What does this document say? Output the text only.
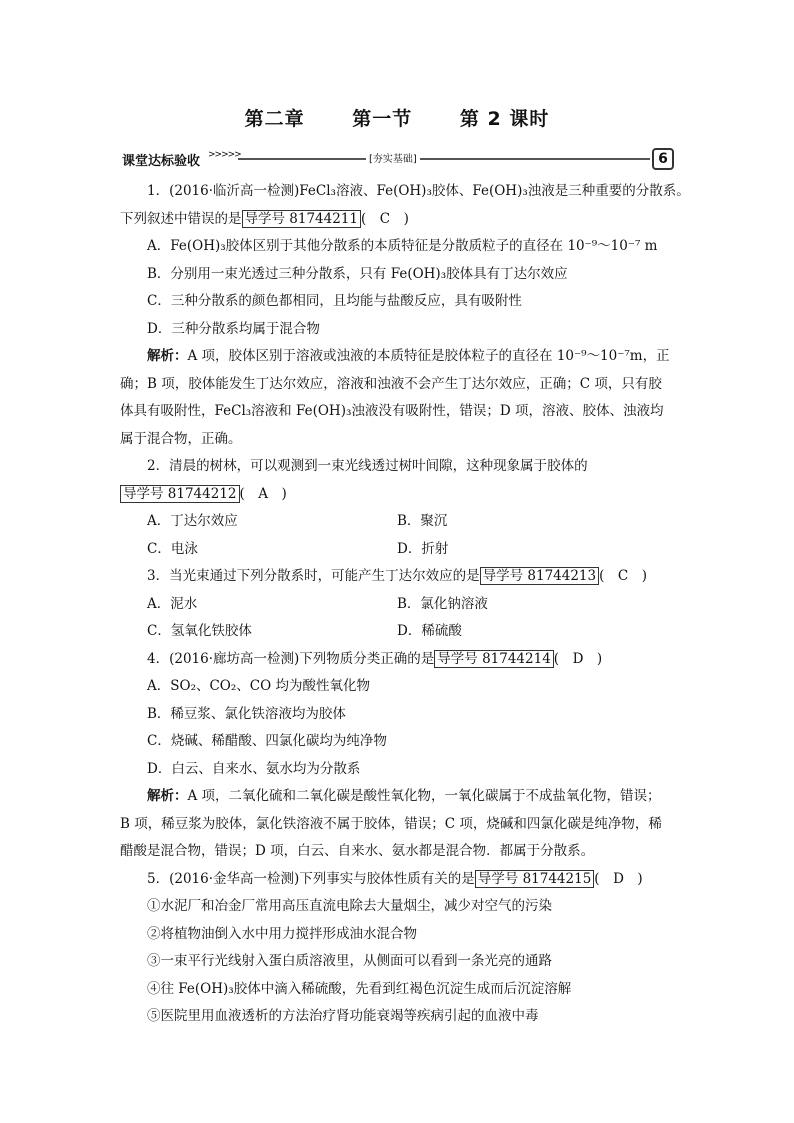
第二章	第一节	第 2 课时
课堂达标验收 >>>>>	[夯实基础]	6
1．(2016·临沂高一检测)FeCl₃溶液、Fe(OH)₃胶体、Fe(OH)₃浊液是三种重要的分散系。
下列叙述中错误的是 导学号 81744211 (　C　)
A．Fe(OH)₃胶体区别于其他分散系的本质特征是分散质粒子的直径在 10⁻⁹～10⁻⁷ m
B．分别用一束光透过三种分散系，只有 Fe(OH)₃胶体具有丁达尔效应
C．三种分散系的颜色都相同，且均能与盐酸反应，具有吸附性
D．三种分散系均属于混合物
解析：A 项，胶体区别于溶液或浊液的本质特征是胶体粒子的直径在 10⁻⁹～10⁻⁷m，正
确；B 项，胶体能发生丁达尔效应，溶液和浊液不会产生丁达尔效应，正确；C 项，只有胶
体具有吸附性，FeCl₃溶液和 Fe(OH)₃浊液没有吸附性，错误；D 项，溶液、胶体、浊液均
属于混合物，正确。
2．清晨的树林，可以观测到一束光线透过树叶间隙，这种现象属于胶体的
导学号 81744212 (　A　)
A．丁达尔效应	B．聚沉
C．电泳	D．折射
3．当光束通过下列分散系时，可能产生丁达尔效应的是 导学号 81744213 (　C　)
A．泥水	B．氯化钠溶液
C．氢氧化铁胶体	D．稀硫酸
4．(2016·廊坊高一检测)下列物质分类正确的是 导学号 81744214 (　D　)
A．SO₂、CO₂、CO 均为酸性氧化物
B．稀豆浆、氯化铁溶液均为胶体
C．烧碱、稀醋酸、四氯化碳均为纯净物
D．白云、自来水、氨水均为分散系
解析：A 项，二氧化硫和二氧化碳是酸性氧化物，一氧化碳属于不成盐氧化物，错误；
B 项，稀豆浆为胶体，氯化铁溶液不属于胶体，错误；C 项，烧碱和四氯化碳是纯净物，稀
醋酸是混合物，错误；D 项，白云、自来水、氨水都是混合物．都属于分散系。
5．(2016·金华高一检测)下列事实与胶体性质有关的是 导学号 81744215 (　D　)
①水泥厂和冶金厂常用高压直流电除去大量烟尘，减少对空气的污染
②将植物油倒入水中用力搅拌形成油水混合物
③一束平行光线射入蛋白质溶液里，从侧面可以看到一条光亮的通路
④往 Fe(OH)₃胶体中滴入稀硫酸，先看到红褐色沉淀生成而后沉淀溶解
⑤医院里用血液透析的方法治疗肾功能衰竭等疾病引起的血液中毒
